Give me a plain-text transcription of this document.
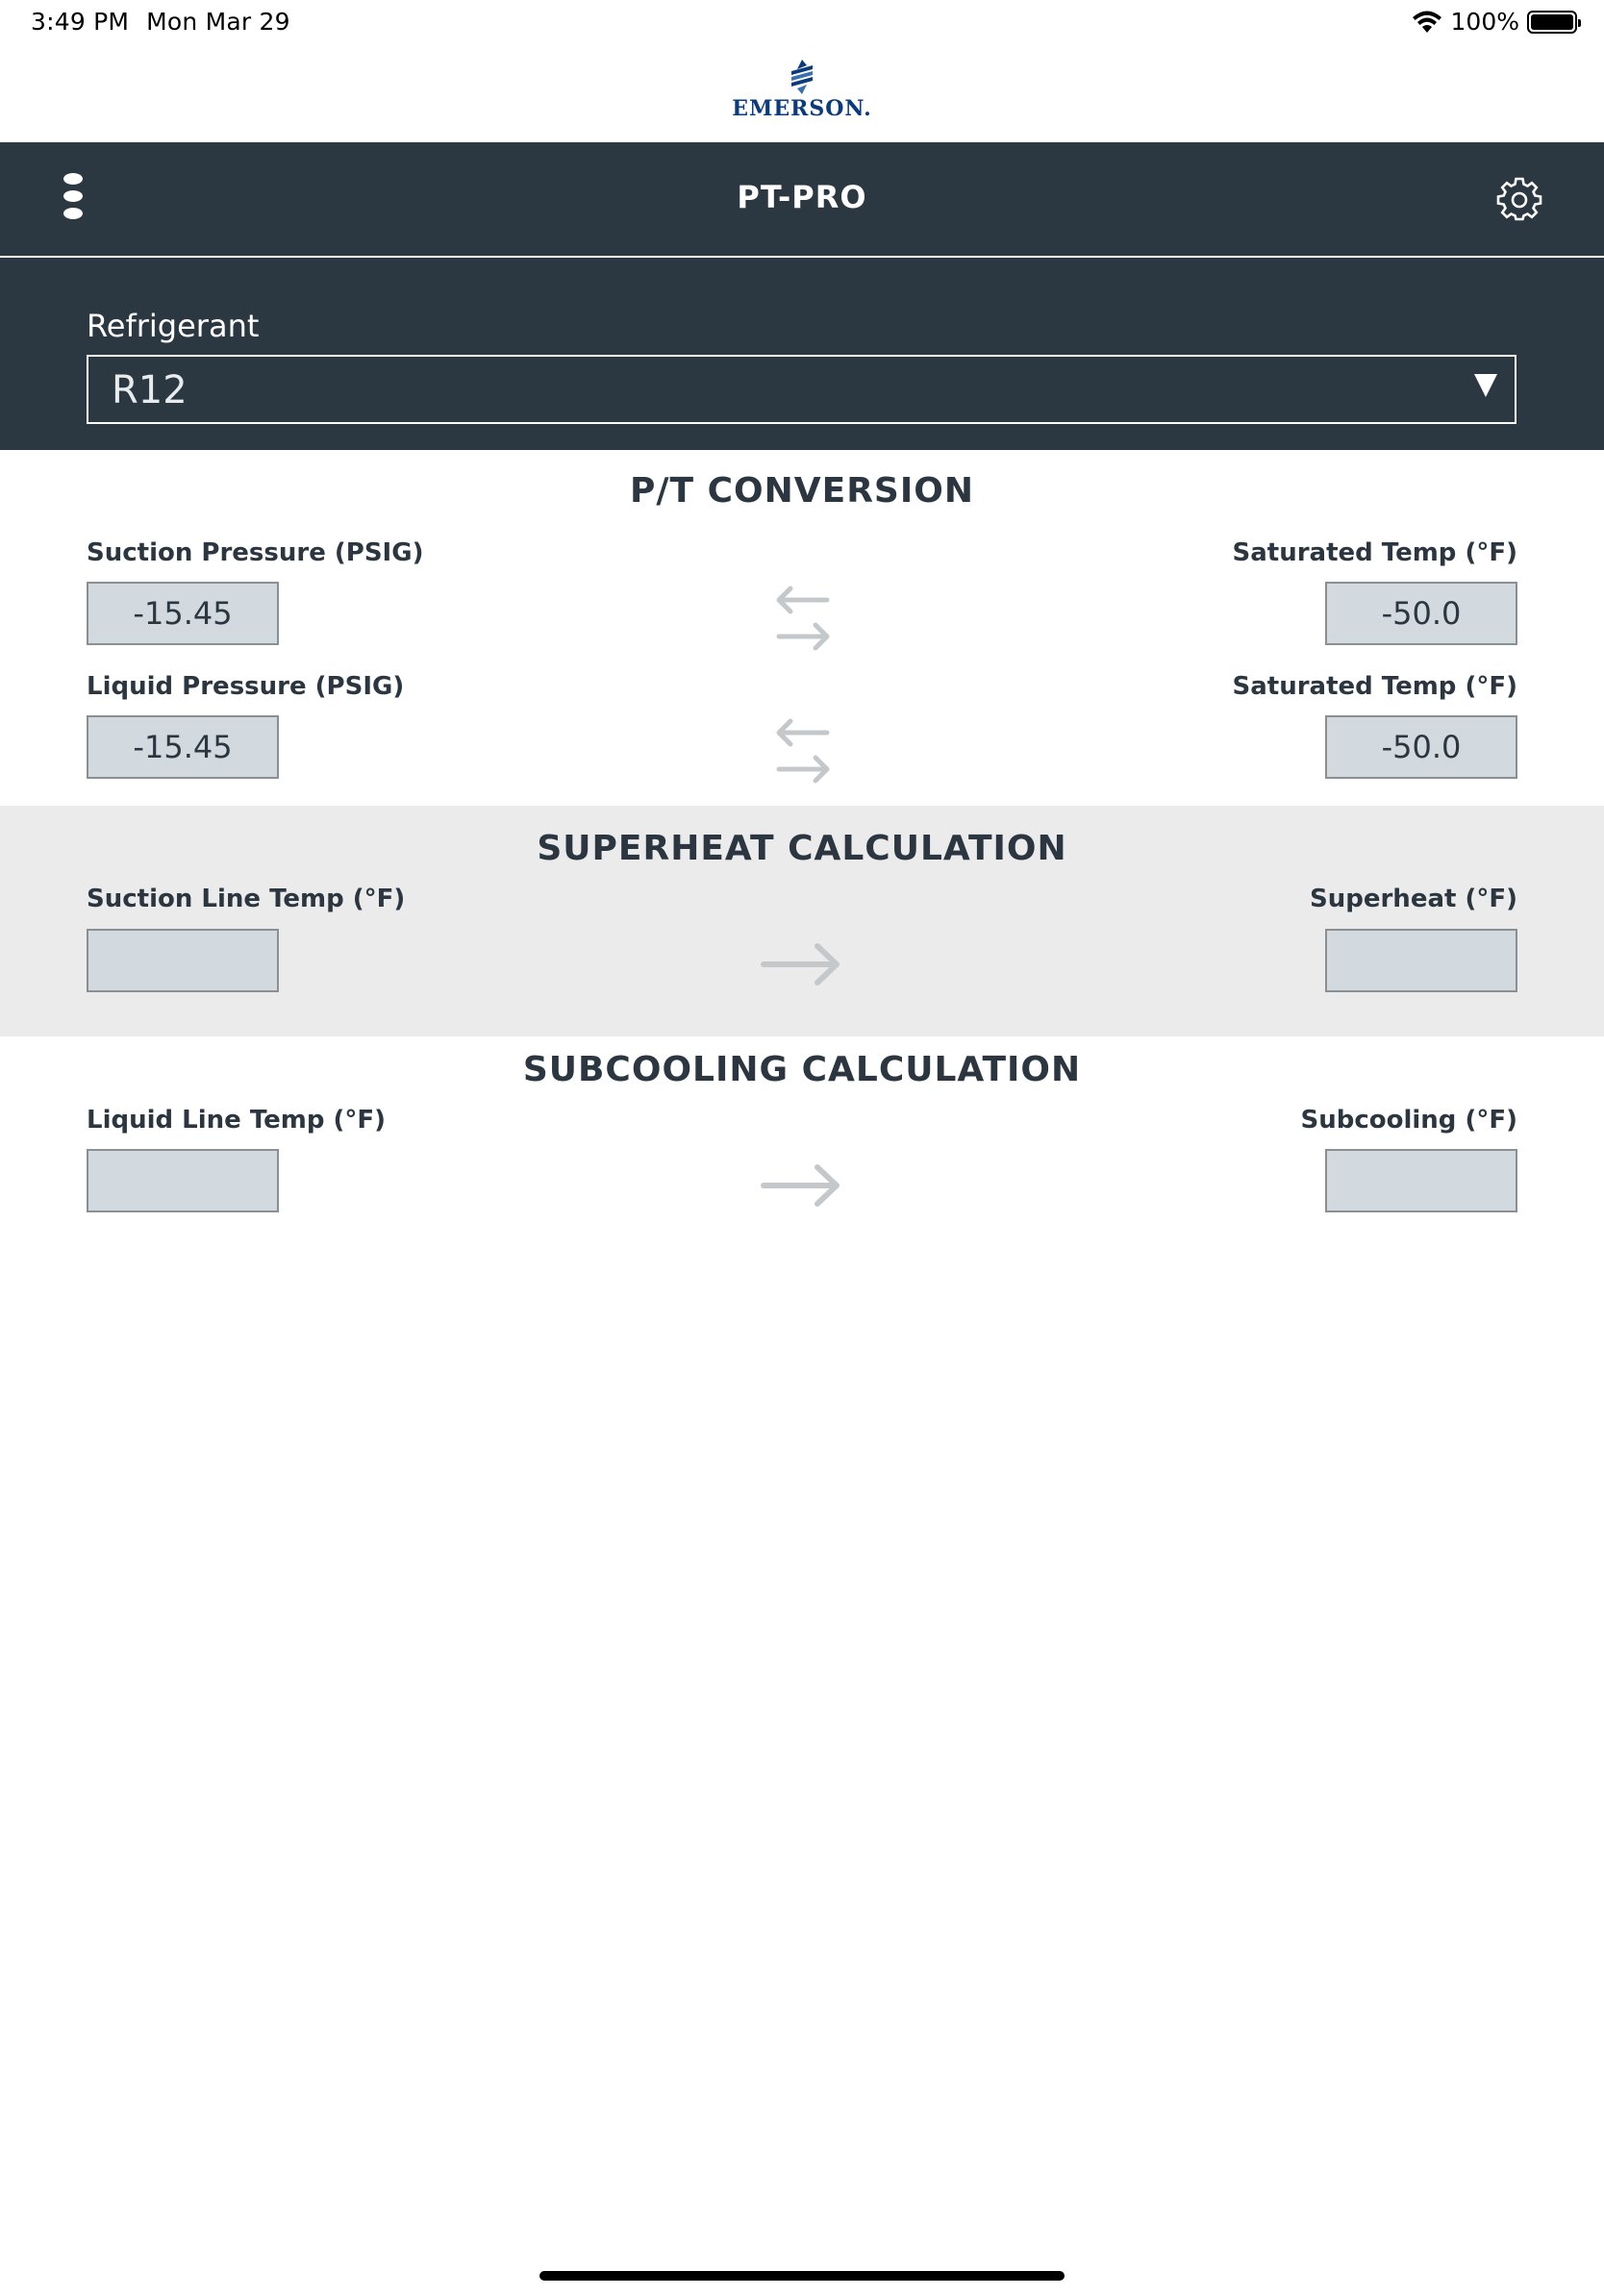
3:49 PM Mon Mar 29	100%
EMERSON.
PT-PRO
Refrigerant
R12
P/T CONVERSION
Suction Pressure (PSIG)	Saturated Temp (°F)
-15.45	-50.0
Liquid Pressure (PSIG)	Saturated Temp (°F)
-15.45	-50.0
SUPERHEAT CALCULATION
Suction Line Temp (°F)	Superheat (°F)
SUBCOOLING CALCULATION
Liquid Line Temp (°F)	Subcooling (°F)
